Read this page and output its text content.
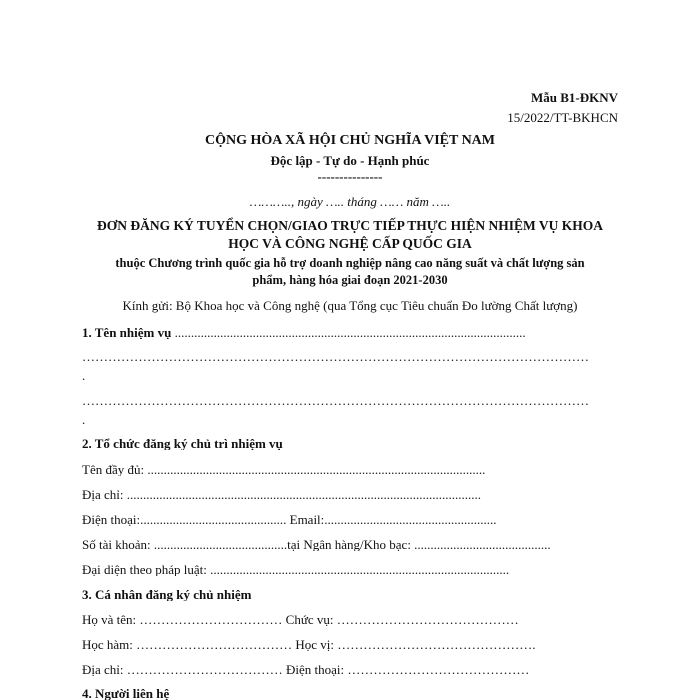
Mẫu B1-ĐKNV
15/2022/TT-BKHCN
CỘNG HÒA XÃ HỘI CHỦ NGHĨA VIỆT NAM
Độc lập - Tự do - Hạnh phúc
---------------
……….., ngày ….. tháng …… năm …..
ĐƠN ĐĂNG KÝ TUYỂN CHỌN/GIAO TRỰC TIẾP THỰC HIỆN NHIỆM VỤ KHOA
HỌC VÀ CÔNG NGHỆ CẤP QUỐC GIA
thuộc Chương trình quốc gia hỗ trợ doanh nghiệp nâng cao năng suất và chất lượng sản
phẩm, hàng hóa giai đoạn 2021-2030
Kính gửi: Bộ Khoa học và Công nghệ (qua Tổng cục Tiêu chuẩn Đo lường Chất lượng)
1. Tên nhiệm vụ ............................................................................................................
………………………………………………………………………………………………………
.
………………………………………………………………………………………………………
.
2. Tổ chức đăng ký chủ trì nhiệm vụ
Tên đầy đủ: ........................................................................................................
Địa chỉ: .............................................................................................................
Điện thoại:............................................. Email:.....................................................
Số tài khoản: .........................................tại Ngân hàng/Kho bạc: ..........................................
Đại diện theo pháp luật: ............................................................................................
3. Cá nhân đăng ký chủ nhiệm
Họ và tên: …………………………… Chức vụ: ……………………………………
Học hàm: ……………………………… Học vị: ……………………………………….
Địa chỉ: ……………………………… Điện thoại: ……………………………………
4. Người liên hệ
